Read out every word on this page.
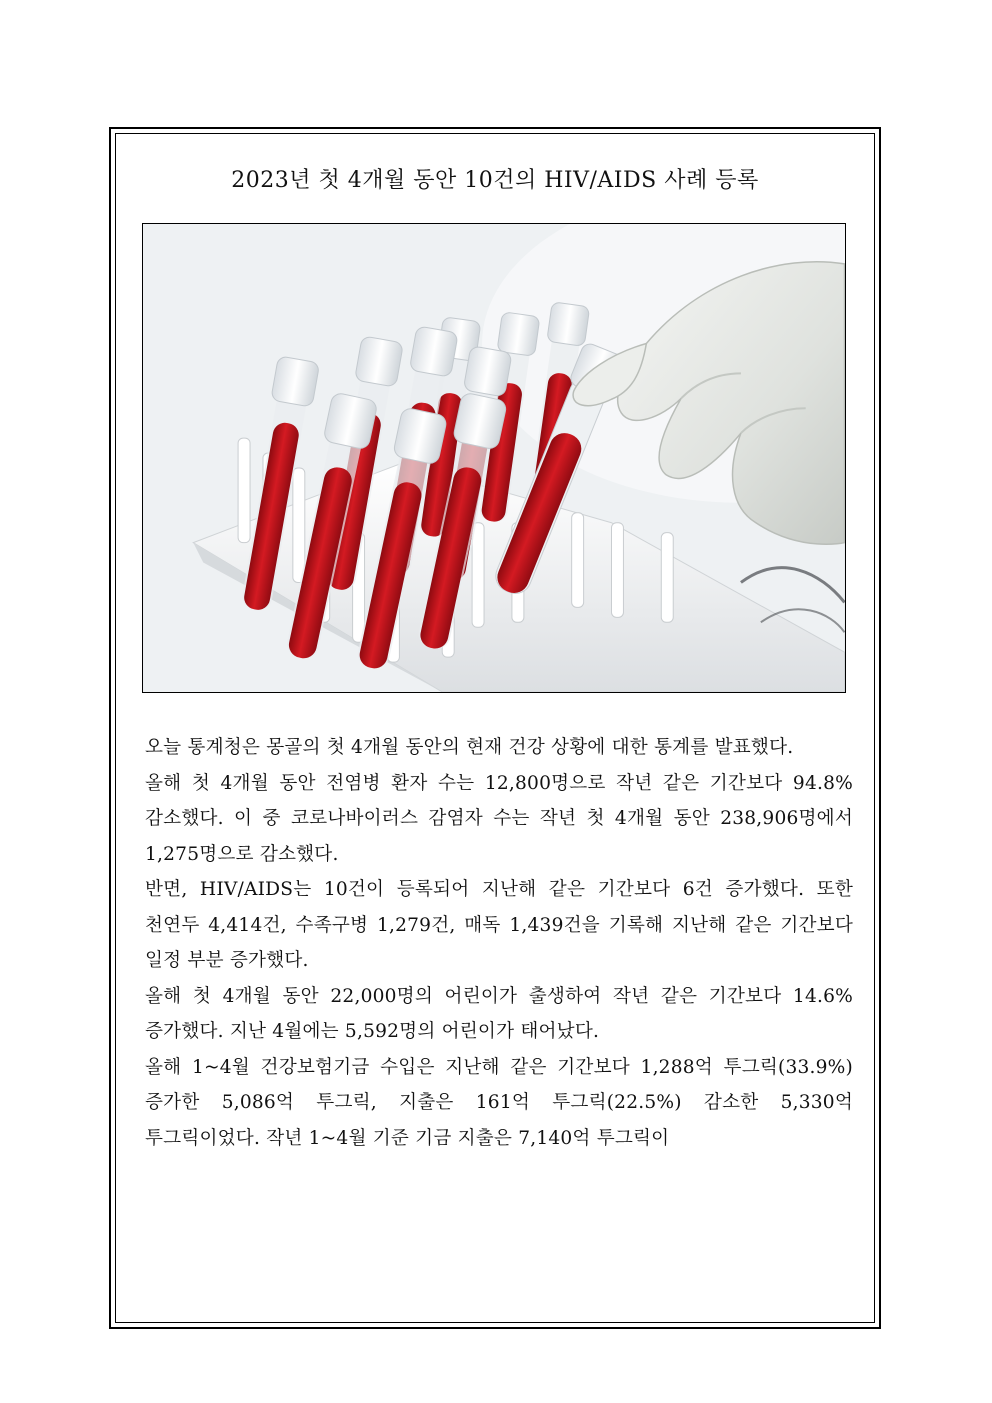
2023년 첫 4개월 동안 10건의 HIV/AIDS 사례 등록

오늘 통계청은 몽골의 첫 4개월 동안의 현재 건강 상황에 대한 통계를 발표했다.

올해 첫 4개월 동안 전염병 환자 수는 12,800명으로 작년 같은 기간보다 94.8% 감소했다. 이 중 코로나바이러스 감염자 수는 작년 첫 4개월 동안 238,906명에서 1,275명으로 감소했다.

반면, HIV/AIDS는 10건이 등록되어 지난해 같은 기간보다 6건 증가했다. 또한 천연두 4,414건, 수족구병 1,279건, 매독 1,439건을 기록해 지난해 같은 기간보다 일정 부분 증가했다.

올해 첫 4개월 동안 22,000명의 어린이가 출생하여 작년 같은 기간보다 14.6% 증가했다. 지난 4월에는 5,592명의 어린이가 태어났다.

올해 1~4월 건강보험기금 수입은 지난해 같은 기간보다 1,288억 투그릭(33.9%) 증가한 5,086억 투그릭, 지출은 161억 투그릭(22.5%) 감소한 5,330억 투그릭이었다. 작년 1~4월 기준 기금 지출은 7,140억 투그릭이
